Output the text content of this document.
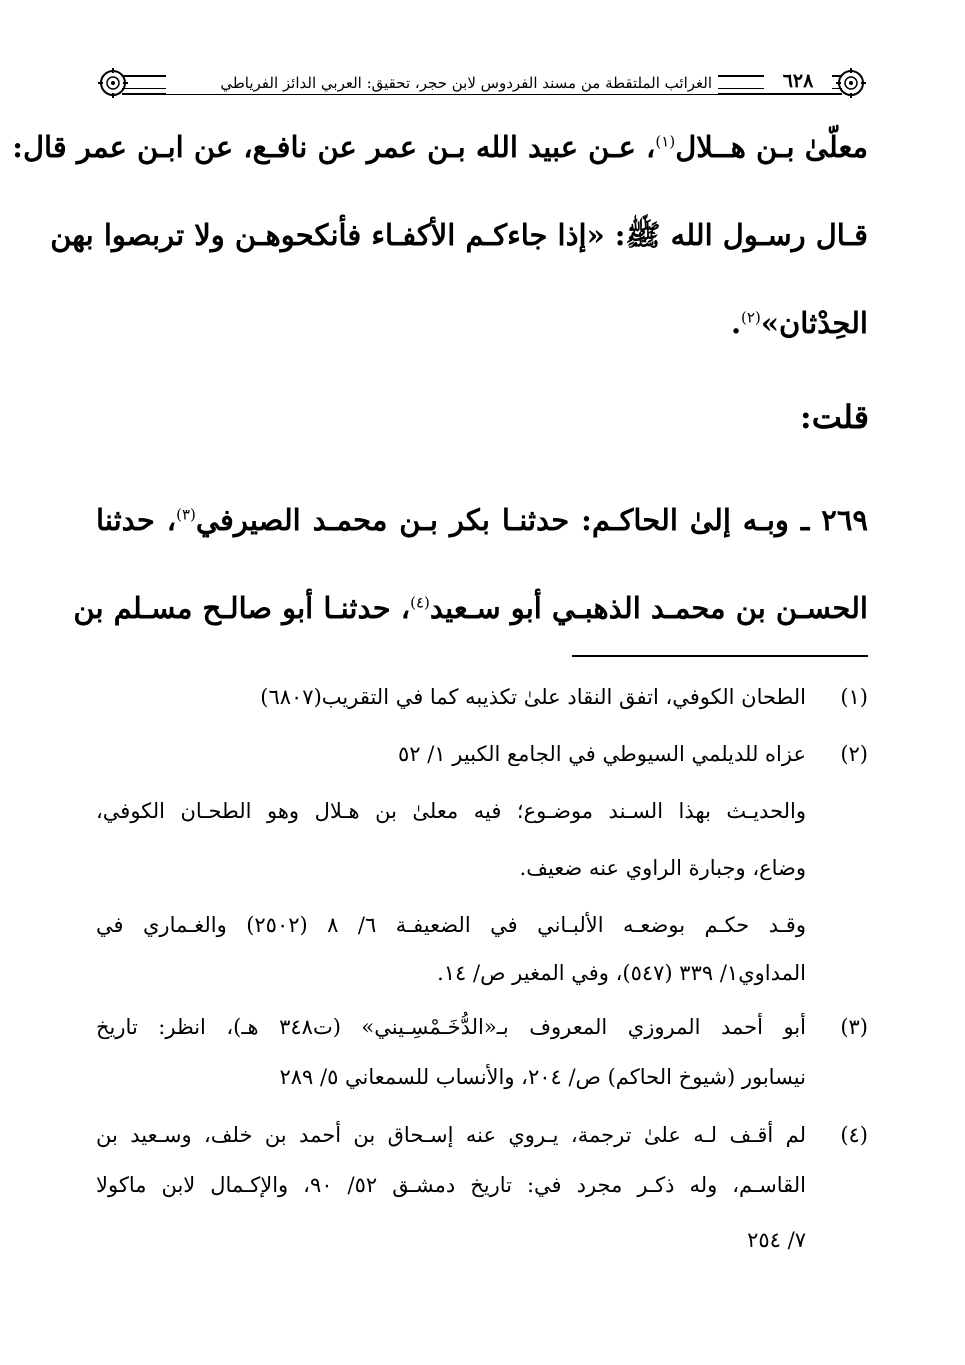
٦٢٨
الغرائب الملتقطة من مسند الفردوس لابن حجر، تحقيق: العربي الدائز الفرياطي
معلّىٰ بـن هــلال$^{(١)}$، عـن عبيد الله بـن عمر عن نافـع، عن ابـن عمر قال:
قـال رسـول الله ﷺ: «إذا جاءكـم الأكفـاء فأنكحوهـن ولا تربصوا بهن
الحِدْثان»$^{(٢)}$.
قلت:
٢٦٩ ـ وبـه إلىٰ الحاكـم: حدثنـا بكر بـن محمـد الصيرفي$^{(٣)}$، حدثنا
الحسـن بن محمـد الذهبـي أبو سـعيد$^{(٤)}$، حدثنـا أبو صالـح مسـلم بن
(١)
الطحان الكوفي، اتفق النقاد علىٰ تكذيبه كما في التقريب(٦٨٠٧)
(٢)
عزاه للديلمي السيوطي في الجامع الكبير ١/ ٥٢
والحديـث بهذا السـند موضـوع؛ فيه معلىٰ بن هـلال وهو الطحـان الكوفي،
وضاع، وجبارة الراوي عنه ضعيف.
وقـد حكـم بوضعـه الألبـاني في الضعيفـة ٦/ ٨ (٢٥٠٢) والغـماري في
المداوي١/ ٣٣٩ (٥٤٧)، وفي المغير ص/ ١٤.
(٣)
أبو أحمد المروزي المعروف بـ«الدُّخَـمْسِـيني» (ت٣٤٨ هـ)، انظر: تاريخ
نيسابور (شيوخ الحاكم) ص/ ٢٠٤، والأنساب للسمعاني ٥/ ٢٨٩
(٤)
لم أقـف لـه علىٰ ترجمة، يـروي عنه إسـحاق بن أحمد بن خلف، وسـعيد بن
القاسـم، وله ذكـر مجرد في: تاريخ دمشـق ٥٢/ ٩٠، والإكـمال لابن ماكولا
٧/ ٢٥٤
